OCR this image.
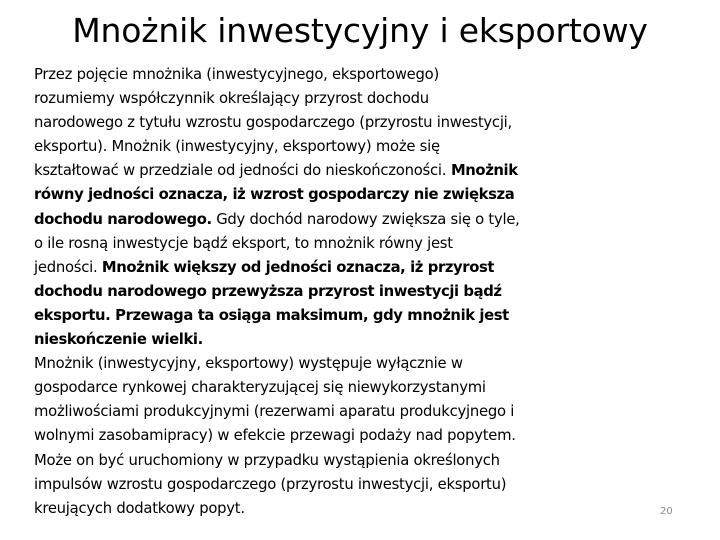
Mnożnik inwestycyjny i eksportowy
Przez pojęcie mnożnika (inwestycyjnego, eksportowego)
rozumiemy współczynnik określający przyrost dochodu
narodowego z tytułu wzrostu gospodarczego (przyrostu inwestycji,
eksportu). Mnożnik (inwestycyjny, eksportowy) może się
kształtować w przedziale od jedności do nieskończoności. Mnożnik
równy jedności oznacza, iż wzrost gospodarczy nie zwiększa
dochodu narodowego. Gdy dochód narodowy zwiększa się o tyle,
o ile rosną inwestycje bądź eksport, to mnożnik równy jest
jedności. Mnożnik większy od jedności oznacza, iż przyrost
dochodu narodowego przewyższa przyrost inwestycji bądź
eksportu. Przewaga ta osiąga maksimum, gdy mnożnik jest
nieskończenie wielki.
Mnożnik (inwestycyjny, eksportowy) występuje wyłącznie w
gospodarce rynkowej charakteryzującej się niewykorzystanymi
możliwościami produkcyjnymi (rezerwami aparatu produkcyjnego i
wolnymi zasobamipracy) w efekcie przewagi podaży nad popytem.
Może on być uruchomiony w przypadku wystąpienia określonych
impulsów wzrostu gospodarczego (przyrostu inwestycji, eksportu)
kreujących dodatkowy popyt.	20
